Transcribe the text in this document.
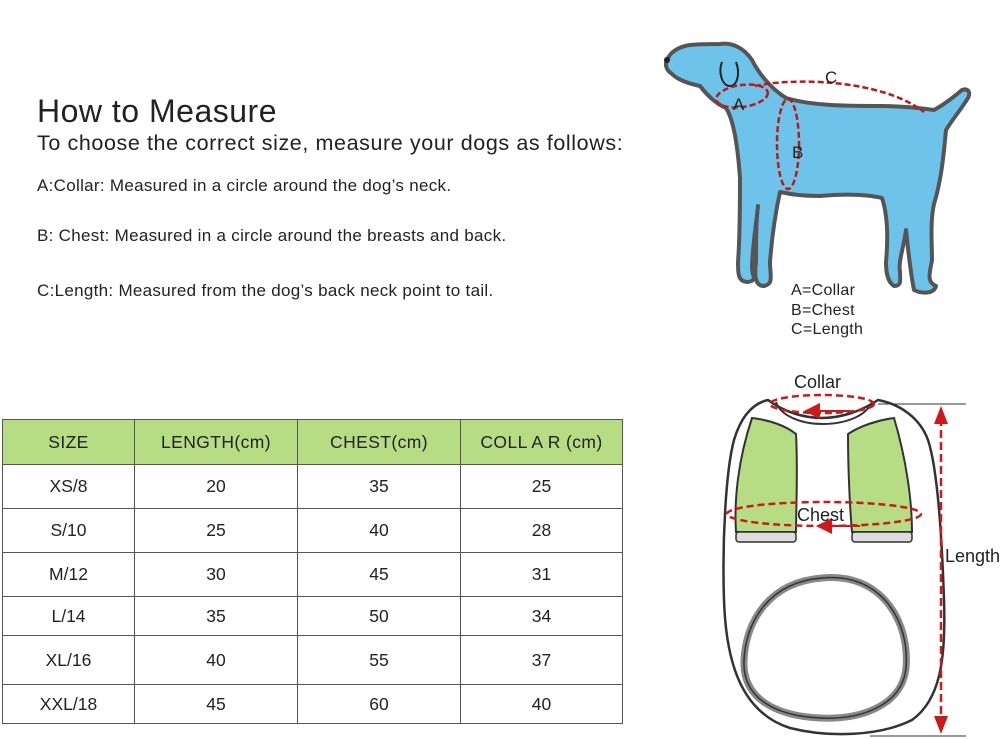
How to Measure
To choose the correct size, measure your dogs as follows:
A:Collar: Measured in a circle around the dog’s neck.
B: Chest: Measured in a circle around the breasts and back.
C:Length: Measured from the dog’s back neck point to tail.
A
B
C
A=Collar
B=Chest
C=Length
SIZE	LENGTH(cm)	CHEST(cm)	COLL A R (cm)
XS/8	20	35	25
S/10	25	40	28
M/12	30	45	31
L/14	35	50	34
XL/16	40	55	37
XXL/18	45	60	40
Collar
Chest
Length
